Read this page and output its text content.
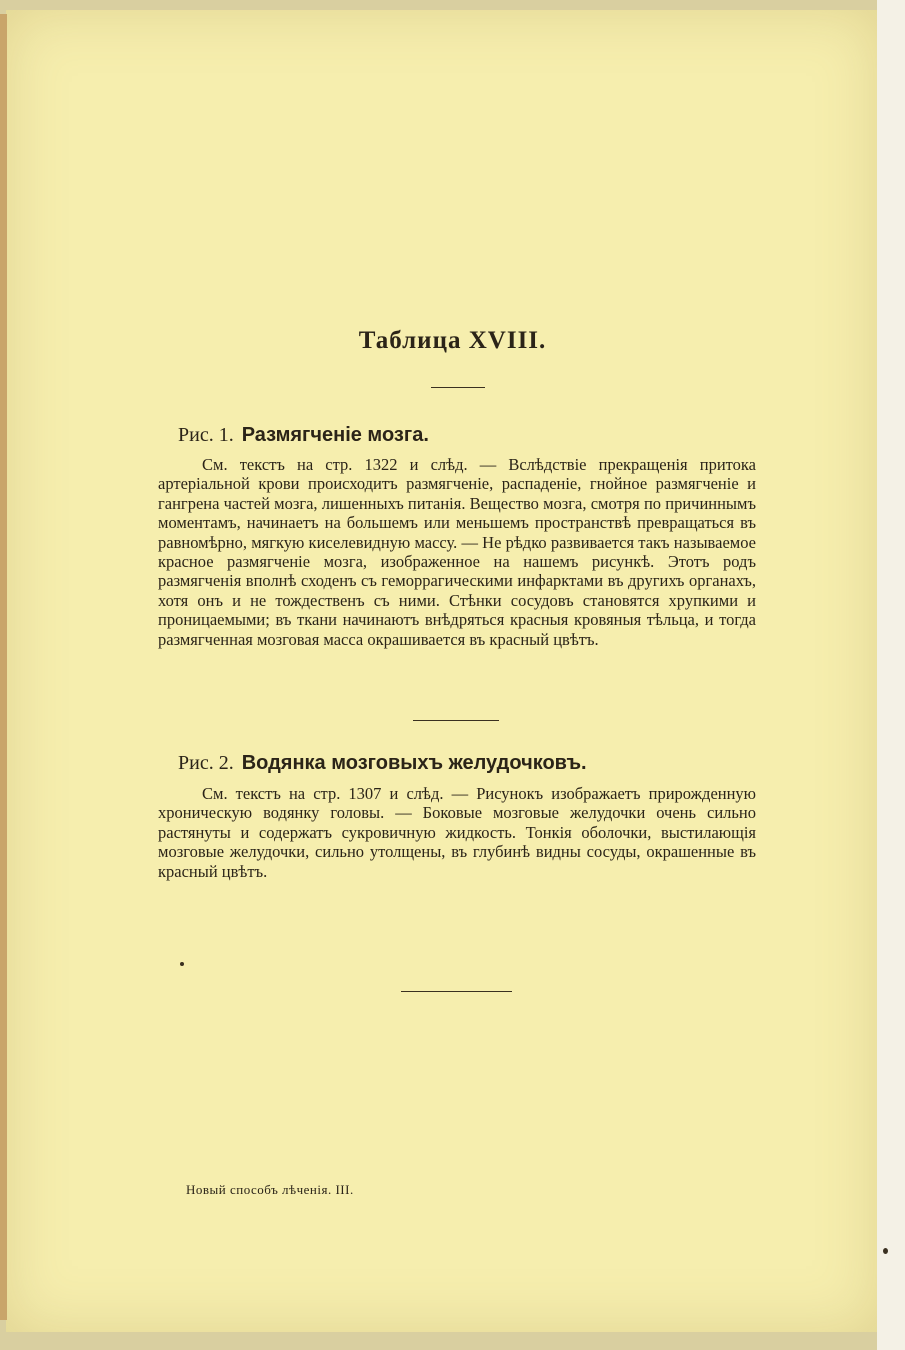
Таблица XVIII.
Рис. 1. Размягченіе мозга.
См. текстъ на стр. 1322 и слѣд. — Вслѣдствіе прекращенія притока артеріальной крови происходитъ размягченіе, распаденіе, гнойное размягченіе и гангрена частей мозга, лишенныхъ питанія. Вещество мозга, смотря по причиннымъ моментамъ, начинаетъ на большемъ или меньшемъ пространствѣ превращаться въ равномѣрно, мягкую киселевидную массу. — Не рѣдко развивается такъ называемое красное размягченіе мозга, изображенное на нашемъ рисункѣ. Этотъ родъ размягченія вполнѣ сходенъ съ геморрагическими инфарктами въ другихъ органахъ, хотя онъ и не тождественъ съ ними. Стѣнки сосудовъ становятся хрупкими и проницаемыми; въ ткани начинаютъ внѣдряться красныя кровяныя тѣльца, и тогда размягченная мозговая масса окрашивается въ красный цвѣтъ.
Рис. 2. Водянка мозговыхъ желудочковъ.
См. текстъ на стр. 1307 и слѣд. — Рисунокъ изображаетъ прирожденную хроническую водянку головы. — Боковые мозговые желудочки очень сильно растянуты и содержатъ сукровичную жидкость. Тонкія оболочки, выстилающія мозговые желудочки, сильно утолщены, въ глубинѣ видны сосуды, окрашенные въ красный цвѣтъ.
Новый способъ лѣченія. III.
